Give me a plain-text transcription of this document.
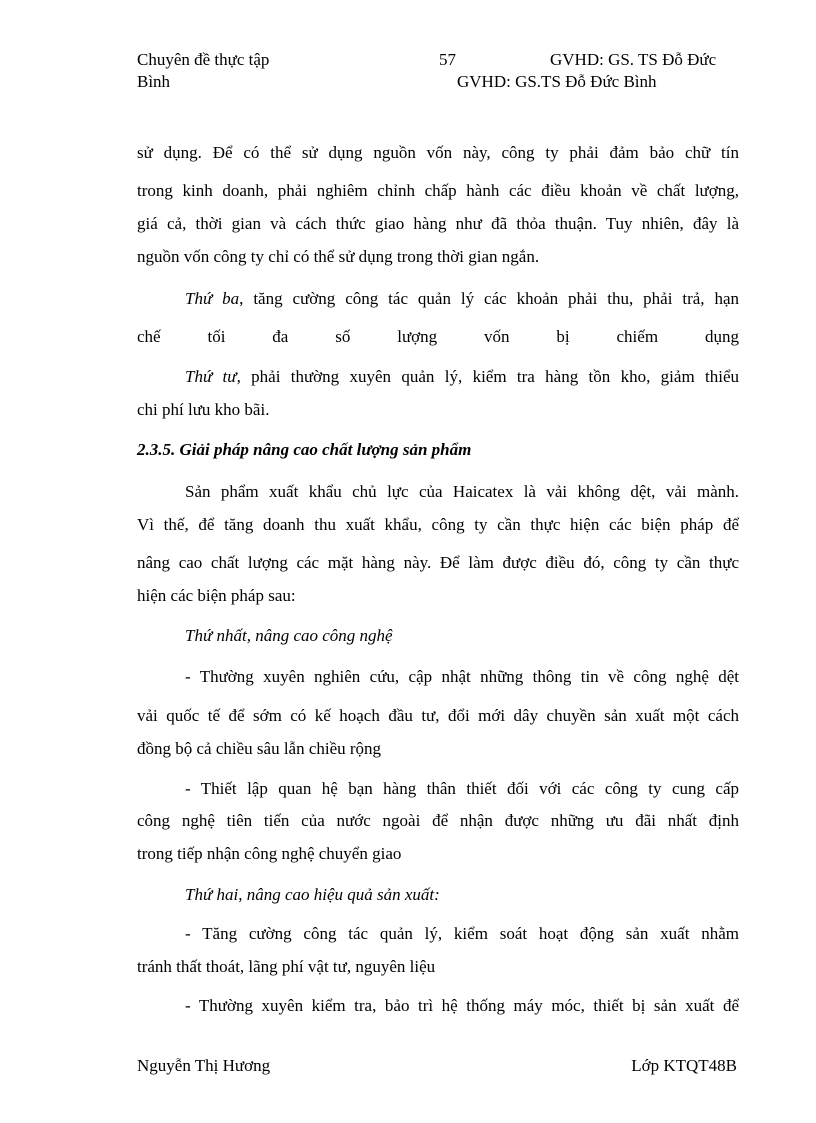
Chuyên đề thực tập
Bình
57	GVHD: GS. TS Đỗ Đức
GVHD: GS.TS Đỗ Đức Bình
sử dụng. Để có thể sử dụng nguồn vốn này, công ty phải đảm bảo chữ tín
trong kinh doanh, phải nghiêm chỉnh chấp hành các điều khoản về chất lượng,
giá cả, thời gian và cách thức giao hàng như đã thỏa thuận. Tuy nhiên, đây là
nguồn vốn công ty chỉ có thể sử dụng trong thời gian ngắn.
Thứ ba, tăng cường công tác quản lý các khoản phải thu, phải trả, hạn
chế	tối	đa	số	lượng	vốn	bị	chiếm	dụng
Thứ tư, phải thường xuyên quản lý, kiểm tra hàng tồn kho, giảm thiểu
chi phí lưu kho bãi.
2.3.5. Giải pháp nâng cao chất lượng sản phẩm
Sản phẩm xuất khẩu chủ lực của Haicatex là vải không dệt, vải mành.
Vì thế, để tăng doanh thu xuất khẩu, công ty cần thực hiện các biện pháp để
nâng cao chất lượng các mặt hàng này. Để làm được điều đó, công ty cần thực
hiện các biện pháp sau:
Thứ nhất, nâng cao công nghệ
- Thường xuyên nghiên cứu, cập nhật những thông tin về công nghệ dệt
vải quốc tế để sớm có kế hoạch đầu tư, đổi mới dây chuyền sản xuất một cách
đồng bộ cả chiều sâu lẫn chiều rộng
- Thiết lập quan hệ bạn hàng thân thiết đối với các công ty cung cấp
công nghệ tiên tiến của nước ngoài để nhận được những ưu đãi nhất định
trong tiếp nhận công nghệ chuyển giao
Thứ hai, nâng cao hiệu quả sản xuất:
- Tăng cường công tác quản lý, kiểm soát hoạt động sản xuất nhằm
tránh thất thoát, lãng phí vật tư, nguyên liệu
- Thường xuyên kiểm tra, bảo trì hệ thống máy móc, thiết bị sản xuất để
Nguyễn Thị Hương	Lớp KTQT48B
